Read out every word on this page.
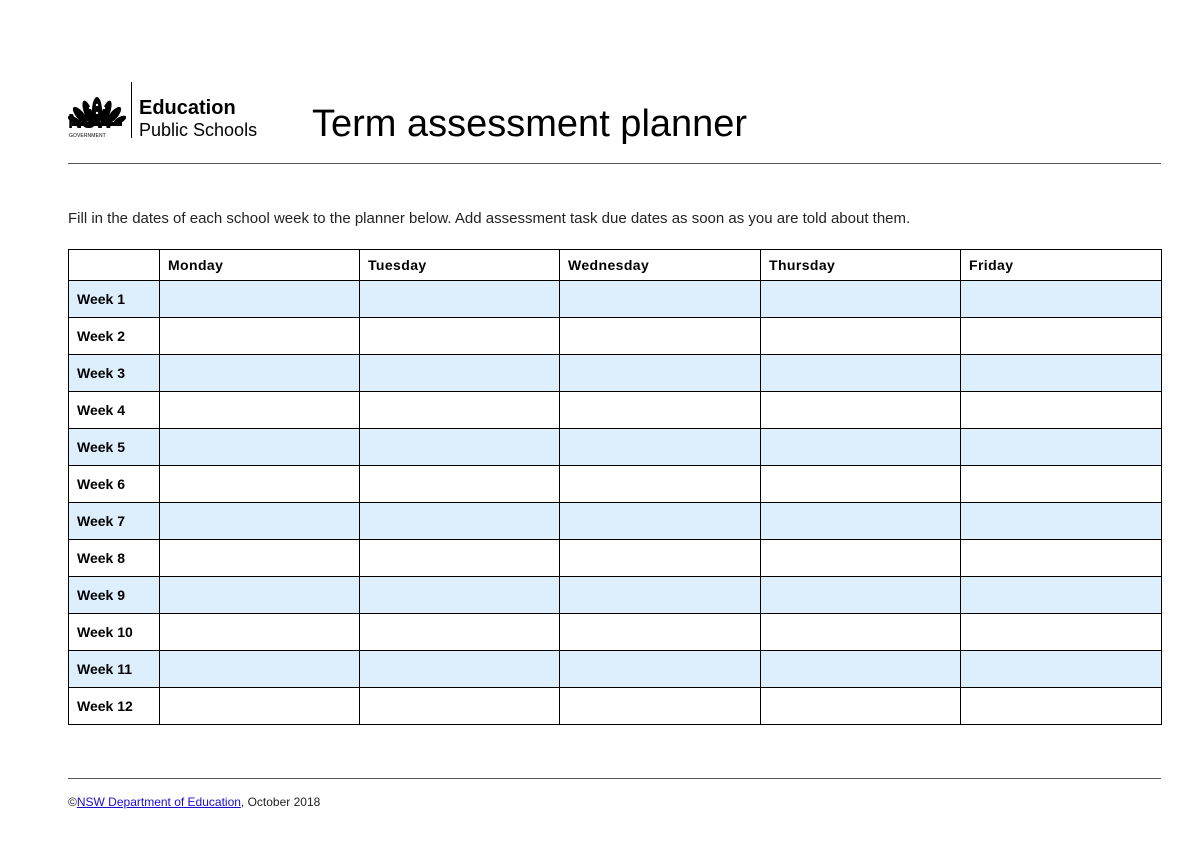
NSW
GOVERNMENT
Education
Public Schools Term assessment planner

Fill in the dates of each school week to the planner below. Add assessment task due dates as soon as you are told about them.

	Monday	Tuesday	Wednesday	Thursday	Friday
Week 1					
Week 2					
Week 3					
Week 4					
Week 5					
Week 6					
Week 7					
Week 8					
Week 9					
Week 10					
Week 11					
Week 12					
©NSW Department of Education, October 2018
